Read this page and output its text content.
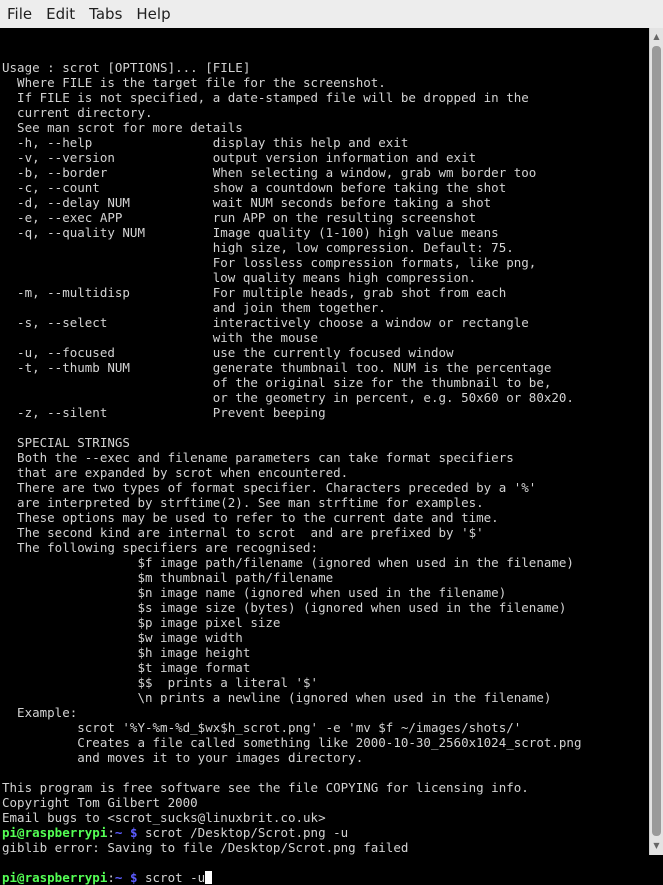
File Edit Tabs Help

Usage : scrot [OPTIONS]... [FILE]
Where FILE is the target file for the screenshot.
If FILE is not specified, a date-stamped file will be dropped in the
current directory.
See man scrot for more details
-h, --help                display this help and exit
-v, --version             output version information and exit
-b, --border              When selecting a window, grab wm border too
-c, --count               show a countdown before taking the shot
-d, --delay NUM           wait NUM seconds before taking a shot
-e, --exec APP            run APP on the resulting screenshot
-q, --quality NUM         Image quality (1-100) high value means
high size, low compression. Default: 75.
For lossless compression formats, like png,
low quality means high compression.
-m, --multidisp           For multiple heads, grab shot from each
and join them together.
-s, --select              interactively choose a window or rectangle
with the mouse
-u, --focused             use the currently focused window
-t, --thumb NUM           generate thumbnail too. NUM is the percentage
of the original size for the thumbnail to be,
or the geometry in percent, e.g. 50x60 or 80x20.
-z, --silent              Prevent beeping
SPECIAL STRINGS
Both the --exec and filename parameters can take format specifiers
that are expanded by scrot when encountered.
There are two types of format specifier. Characters preceded by a '%'
are interpreted by strftime(2). See man strftime for examples.
These options may be used to refer to the current date and time.
The second kind are internal to scrot  and are prefixed by '$'
The following specifiers are recognised:
$f image path/filename (ignored when used in the filename)
$m thumbnail path/filename
$n image name (ignored when used in the filename)
$s image size (bytes) (ignored when used in the filename)
$p image pixel size
$w image width
$h image height
$t image format
$$  prints a literal '$'
\n prints a newline (ignored when used in the filename)
Example:
scrot '%Y-%m-%d_$wx$h_scrot.png' -e 'mv $f ~/images/shots/'
Creates a file called something like 2000-10-30_2560x1024_scrot.png
and moves it to your images directory.
This program is free software see the file COPYING for licensing info.
Copyright Tom Gilbert 2000
Email bugs to <scrot_sucks@linuxbrit.co.uk>
pi@raspberrypi:~ $ scrot /Desktop/Scrot.png -u
giblib error: Saving to file /Desktop/Scrot.png failed
pi@raspberrypi:~ $ scrot -u
▲
▼
